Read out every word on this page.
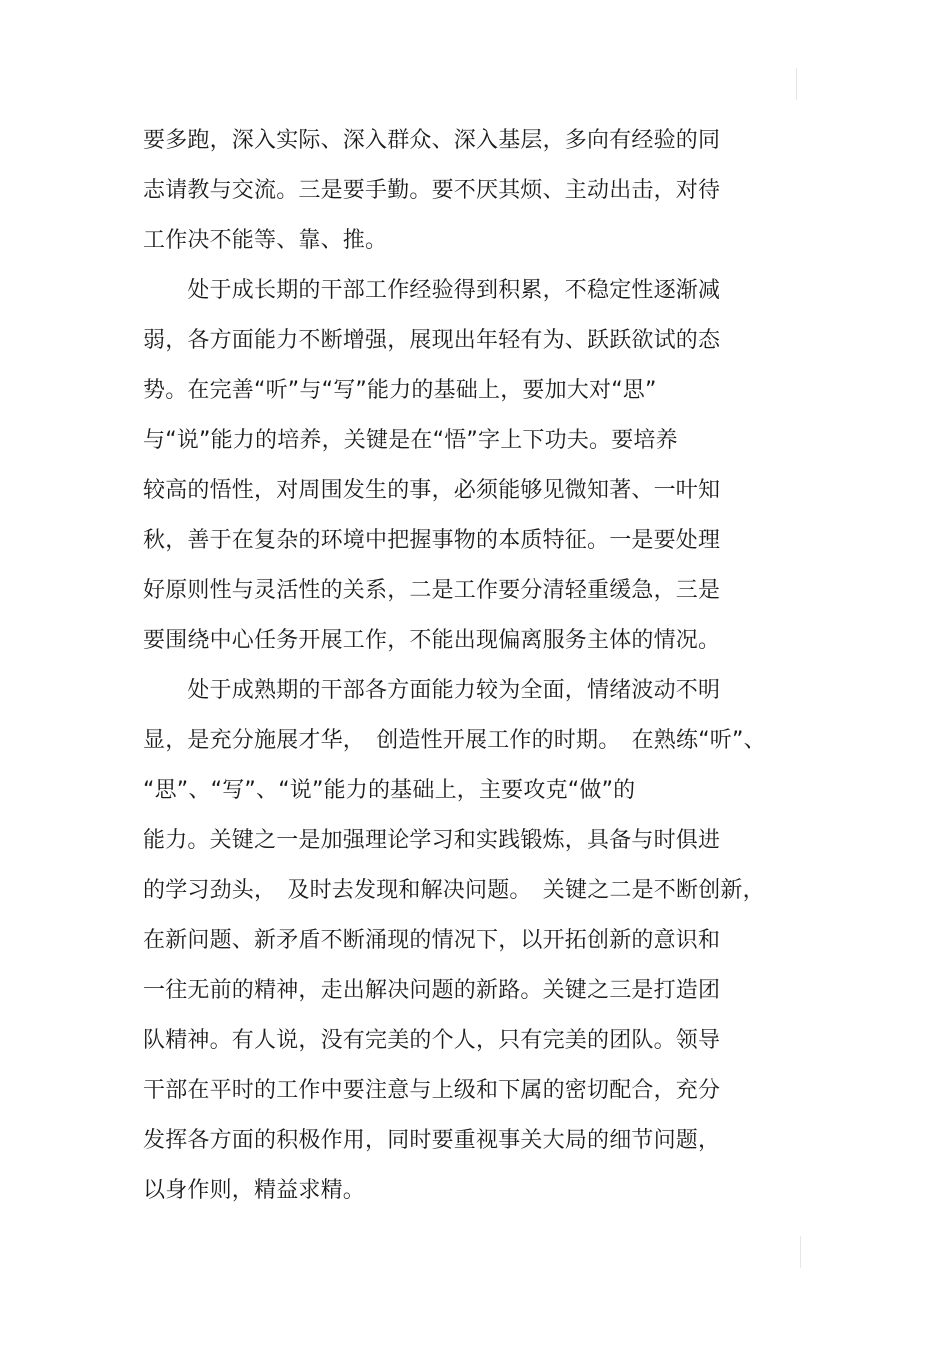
要多跑，深入实际、深入群众、深入基层，多向有经验的同
志请教与交流。三是要手勤。要不厌其烦、主动出击，对待
工作决不能等、靠、推。
　　处于成长期的干部工作经验得到积累，不稳定性逐渐减
弱，各方面能力不断增强，展现出年轻有为、跃跃欲试的态
势。在完善“听”与“写”能力的基础上，要加大对“思”
与“说”能力的培养，关键是在“悟”字上下功夫。要培养
较高的悟性，对周围发生的事，必须能够见微知著、一叶知
秋，善于在复杂的环境中把握事物的本质特征。一是要处理
好原则性与灵活性的关系，二是工作要分清轻重缓急，三是
要围绕中心任务开展工作，不能出现偏离服务主体的情况。
　　处于成熟期的干部各方面能力较为全面，情绪波动不明
显，是充分施展才华，　创造性开展工作的时期。　在熟练“听”、
“思”、“写”、“说”能力的基础上，主要攻克“做”的
能力。关键之一是加强理论学习和实践锻炼，具备与时俱进
的学习劲头，　及时去发现和解决问题。　关键之二是不断创新，
在新问题、新矛盾不断涌现的情况下，以开拓创新的意识和
一往无前的精神，走出解决问题的新路。关键之三是打造团
队精神。有人说，没有完美的个人，只有完美的团队。领导
干部在平时的工作中要注意与上级和下属的密切配合，充分
发挥各方面的积极作用，同时要重视事关大局的细节问题，
以身作则，精益求精。
